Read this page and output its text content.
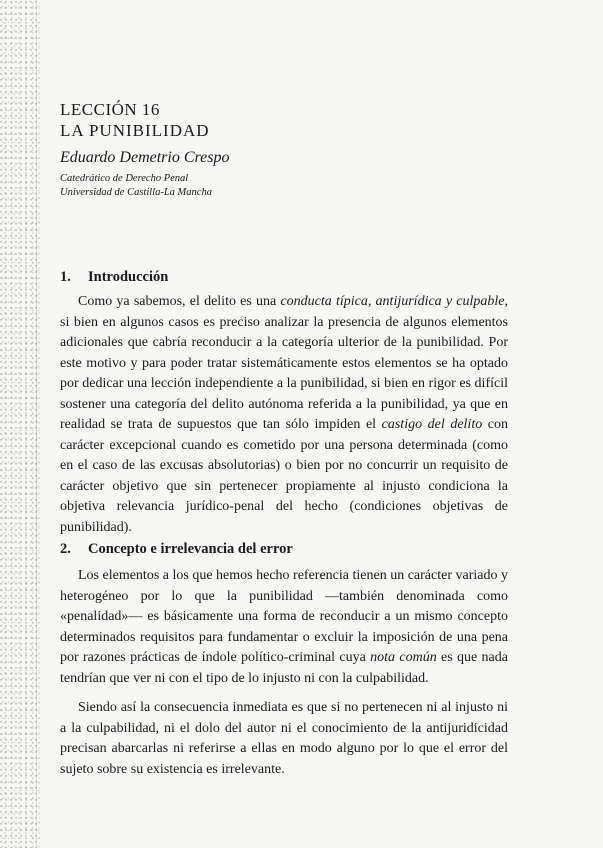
LECCIÓN 16

LA PUNIBILIDAD

Eduardo Demetrio Crespo

Catedrático de Derecho Penal

Universidad de Castilla-La Mancha

1. Introducción

Como ya sabemos, el delito es una conducta típica, antijurídica y culpable, si bien en algunos casos es preciso analizar la presencia de algunos elementos adicionales que cabría reconducir a la categoría ulterior de la punibilidad. Por este motivo y para poder tratar sistemáticamente estos elementos se ha optado por dedicar una lección independiente a la punibilidad, si bien en rigor es difícil sostener una categoría del delito autónoma referida a la punibilidad, ya que en realidad se trata de supuestos que tan sólo impiden el castigo del delito con carácter excepcional cuando es cometido por una persona determinada (como en el caso de las excusas absolutorias) o bien por no concurrir un requisito de carácter objetivo que sin pertenecer propiamente al injusto condiciona la objetiva relevancia jurídico-penal del hecho (condiciones objetivas de punibilidad).

2. Concepto e irrelevancia del error

Los elementos a los que hemos hecho referencia tienen un carácter variado y heterogéneo por lo que la punibilidad —también denominada como «penalidad»— es básicamente una forma de reconducir a un mismo concepto determinados requisitos para fundamentar o excluir la imposición de una pena por razones prácticas de índole político-criminal cuya nota común es que nada tendrían que ver ni con el tipo de lo injusto ni con la culpabilidad.

Siendo así la consecuencia inmediata es que si no pertenecen ni al injusto ni a la culpabilidad, ni el dolo del autor ni el conocimiento de la antijuridicidad precisan abarcarlas ni referirse a ellas en modo alguno por lo que el error del sujeto sobre su existencia es irrelevante.
